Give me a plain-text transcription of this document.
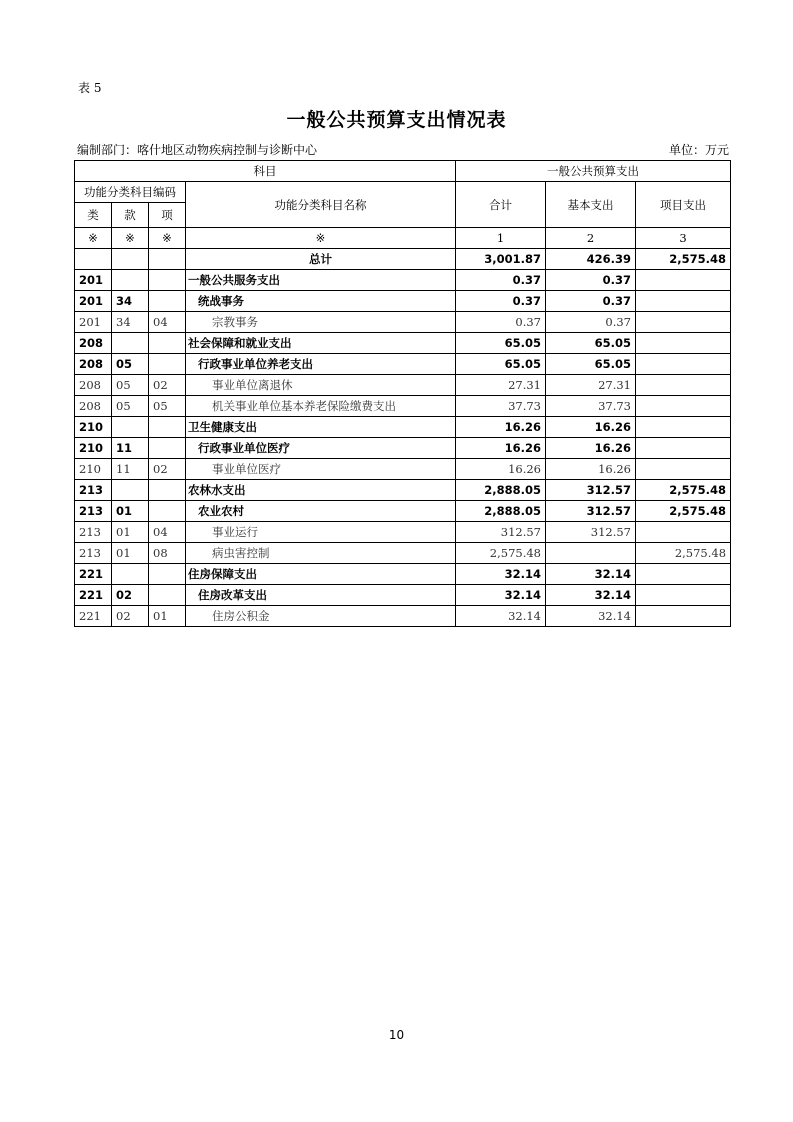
表 5
一般公共预算支出情况表
编制部门：喀什地区动物疾病控制与诊断中心	单位：万元
科目				一般公共预算支出		
功能分类科目编码			功能分类科目名称	合计	基本支出	项目支出
类	款	项				
※	※	※	※	1	2	3
			总计	3,001.87	426.39	2,575.48
201			一般公共服务支出	0.37	0.37	
201	34		统战事务	0.37	0.37	
201	34	04	宗教事务	0.37	0.37	
208			社会保障和就业支出	65.05	65.05	
208	05		行政事业单位养老支出	65.05	65.05	
208	05	02	事业单位离退休	27.31	27.31	
208	05	05	机关事业单位基本养老保险缴费支出	37.73	37.73	
210			卫生健康支出	16.26	16.26	
210	11		行政事业单位医疗	16.26	16.26	
210	11	02	事业单位医疗	16.26	16.26	
213			农林水支出	2,888.05	312.57	2,575.48
213	01		农业农村	2,888.05	312.57	2,575.48
213	01	04	事业运行	312.57	312.57	
213	01	08	病虫害控制	2,575.48		2,575.48
221			住房保障支出	32.14	32.14	
221	02		住房改革支出	32.14	32.14	
221	02	01	住房公积金	32.14	32.14	
10
